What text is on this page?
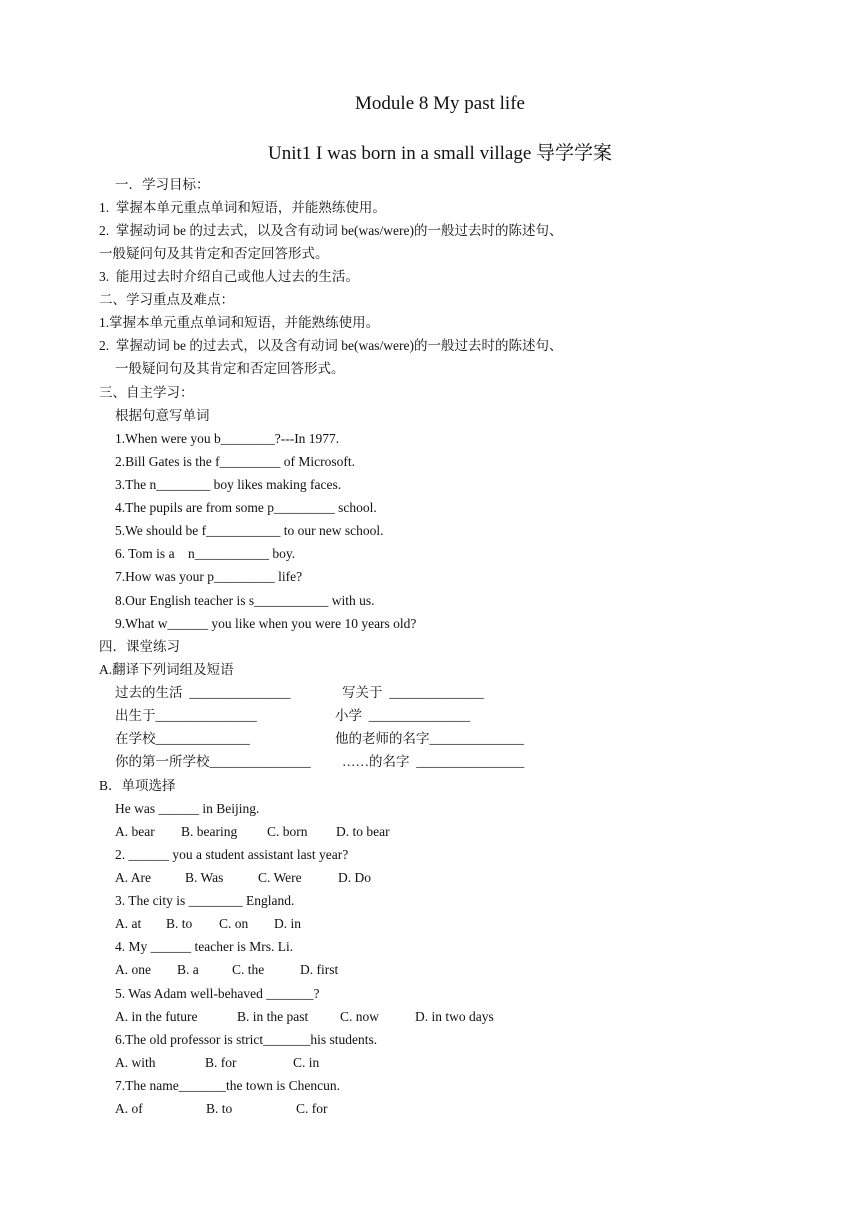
Module 8 My past life
Unit1 I was born in a small village 导学学案
一．学习目标：
1.  掌握本单元重点单词和短语，并能熟练使用。
2.  掌握动词 be 的过去式，以及含有动词 be(was/were)的一般过去时的陈述句、
一般疑问句及其肯定和否定回答形式。
3.  能用过去时介绍自己或他人过去的生活。
二、学习重点及难点：
1.掌握本单元重点单词和短语，并能熟练使用。
2.  掌握动词 be 的过去式，以及含有动词 be(was/were)的一般过去时的陈述句、
一般疑问句及其肯定和否定回答形式。
三、自主学习：
根据句意写单词
1.When were you b________?---In 1977.
2.Bill Gates is the f_________ of Microsoft.
3.The n________ boy likes making faces.
4.The pupils are from some p_________ school.
5.We should be f___________ to our new school.
6. Tom is a    n___________ boy.
7.How was your p_________ life?
8.Our English teacher is s___________ with us.
9.What w______ you like when you were 10 years old?
四．课堂练习
A.翻译下列词组及短语
过去的生活  _______________	写关于  ______________
出生于_______________	小学  _______________
在学校______________	他的老师的名字______________
你的第一所学校_______________ ……的名字  ________________
B．单项选择
He was ______ in Beijing.
A. bear B. bearing C. born D. to bear
2. ______ you a student assistant last year?
A. Are	B. Was	C. Were	D. Do
3. The city is ________ England.
A. at B. to C. on D. in
4. My ______ teacher is Mrs. Li.
A. one B. a C. the	D. first
5. Was Adam well-behaved _______?
A. in the future	B. in the past C. now	D. in two days
6.The old professor is strict_______his students.
A. with	B. for	C. in
7.The name_______the town is Chencun.
A. of	B. to	C. for
